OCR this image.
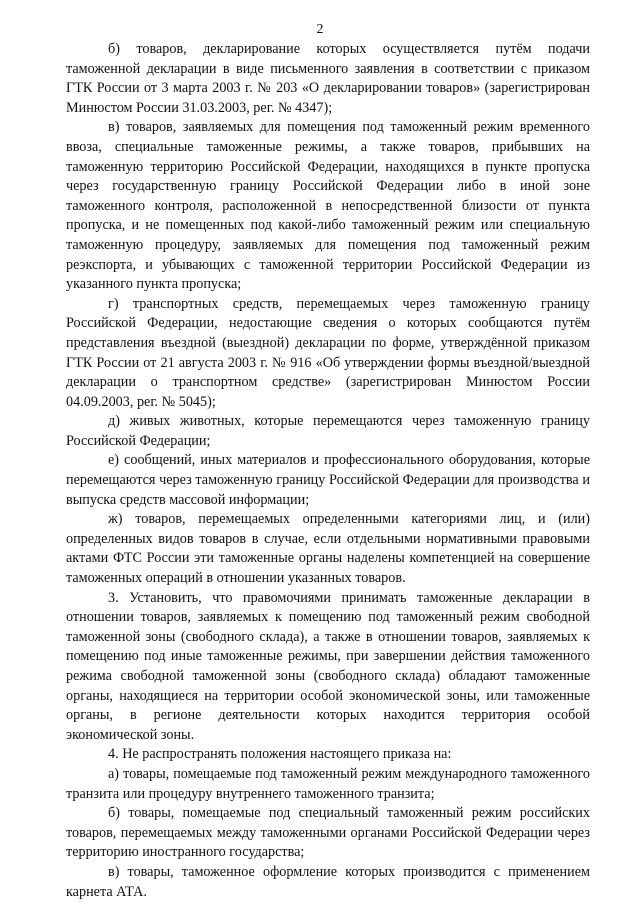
2

б) товаров, декларирование которых осуществляется путём подачи таможенной декларации в виде письменного заявления в соответствии с приказом ГТК России от 3 марта 2003 г. № 203 «О декларировании товаров» (зарегистрирован Минюстом России 31.03.2003, рег. № 4347);

в) товаров, заявляемых для помещения под таможенный режим временного ввоза, специальные таможенные режимы, а также товаров, прибывших на таможенную территорию Российской Федерации, находящихся в пункте пропуска через государственную границу Российской Федерации либо в иной зоне таможенного контроля, расположенной в непосредственной близости от пункта пропуска, и не помещенных под какой-либо таможенный режим или специальную таможенную процедуру, заявляемых для помещения под таможенный режим реэкспорта, и убывающих с таможенной территории Российской Федерации из указанного пункта пропуска;

г) транспортных средств, перемещаемых через таможенную границу Российской Федерации, недостающие сведения о которых сообщаются путём представления въездной (выездной) декларации по форме, утверждённой приказом ГТК России от 21 августа 2003 г. № 916 «Об утверждении формы въездной/выездной декларации о транспортном средстве» (зарегистрирован Минюстом России 04.09.2003, рег. № 5045);

д) живых животных, которые перемещаются через таможенную границу Российской Федерации;

е) сообщений, иных материалов и профессионального оборудования, которые перемещаются через таможенную границу Российской Федерации для производства и выпуска средств массовой информации;

ж) товаров, перемещаемых определенными категориями лиц, и (или) определенных видов товаров в случае, если отдельными нормативными правовыми актами ФТС России эти таможенные органы наделены компетенцией на совершение таможенных операций в отношении указанных товаров.

3. Установить, что правомочиями принимать таможенные декларации в отношении товаров, заявляемых к помещению под таможенный режим свободной таможенной зоны (свободного склада), а также в отношении товаров, заявляемых к помещению под иные таможенные режимы, при завершении действия таможенного режима свободной таможенной зоны (свободного склада) обладают таможенные органы, находящиеся на территории особой экономической зоны, или таможенные органы, в регионе деятельности которых находится территория особой экономической зоны.

4. Не распространять положения настоящего приказа на:

а) товары, помещаемые под таможенный режим международного таможенного транзита или процедуру внутреннего таможенного транзита;

б) товары, помещаемые под специальный таможенный режим российских товаров, перемещаемых между таможенными органами Российской Федерации через территорию иностранного государства;

в) товары, таможенное оформление которых производится с применением карнета АТА.
